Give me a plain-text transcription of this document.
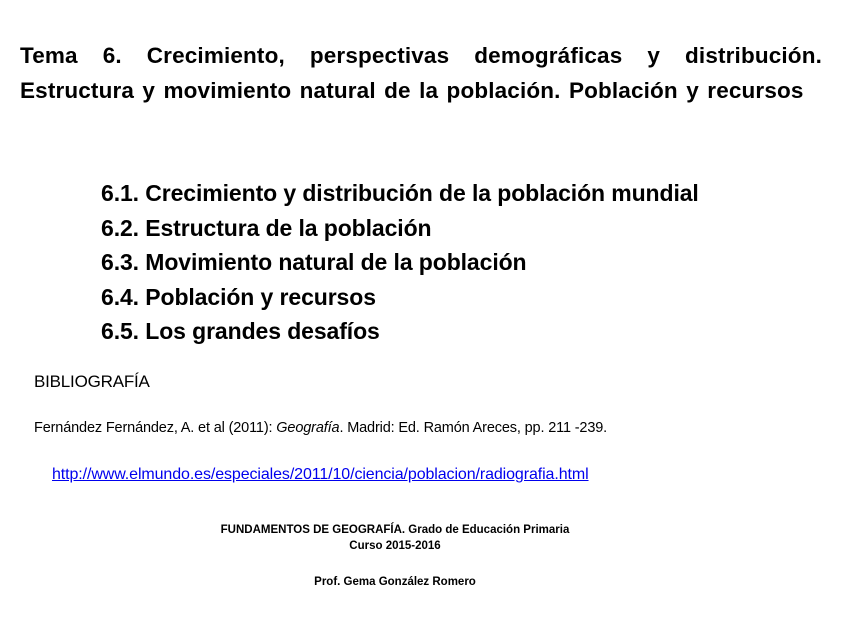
Tema 6. Crecimiento, perspectivas demográficas y distribución. Estructura y movimiento natural de la población. Población y recursos
6.1. Crecimiento y distribución de la población mundial
6.2. Estructura de la población
6.3. Movimiento natural de la población
6.4. Población y recursos
6.5. Los grandes desafíos
BIBLIOGRAFÍA
Fernández Fernández, A. et al (2011): Geografía. Madrid: Ed. Ramón Areces, pp. 211 -239.
http://www.elmundo.es/especiales/2011/10/ciencia/poblacion/radiografia.html
FUNDAMENTOS DE GEOGRAFÍA. Grado de Educación Primaria
Curso 2015-2016
Prof. Gema González Romero
